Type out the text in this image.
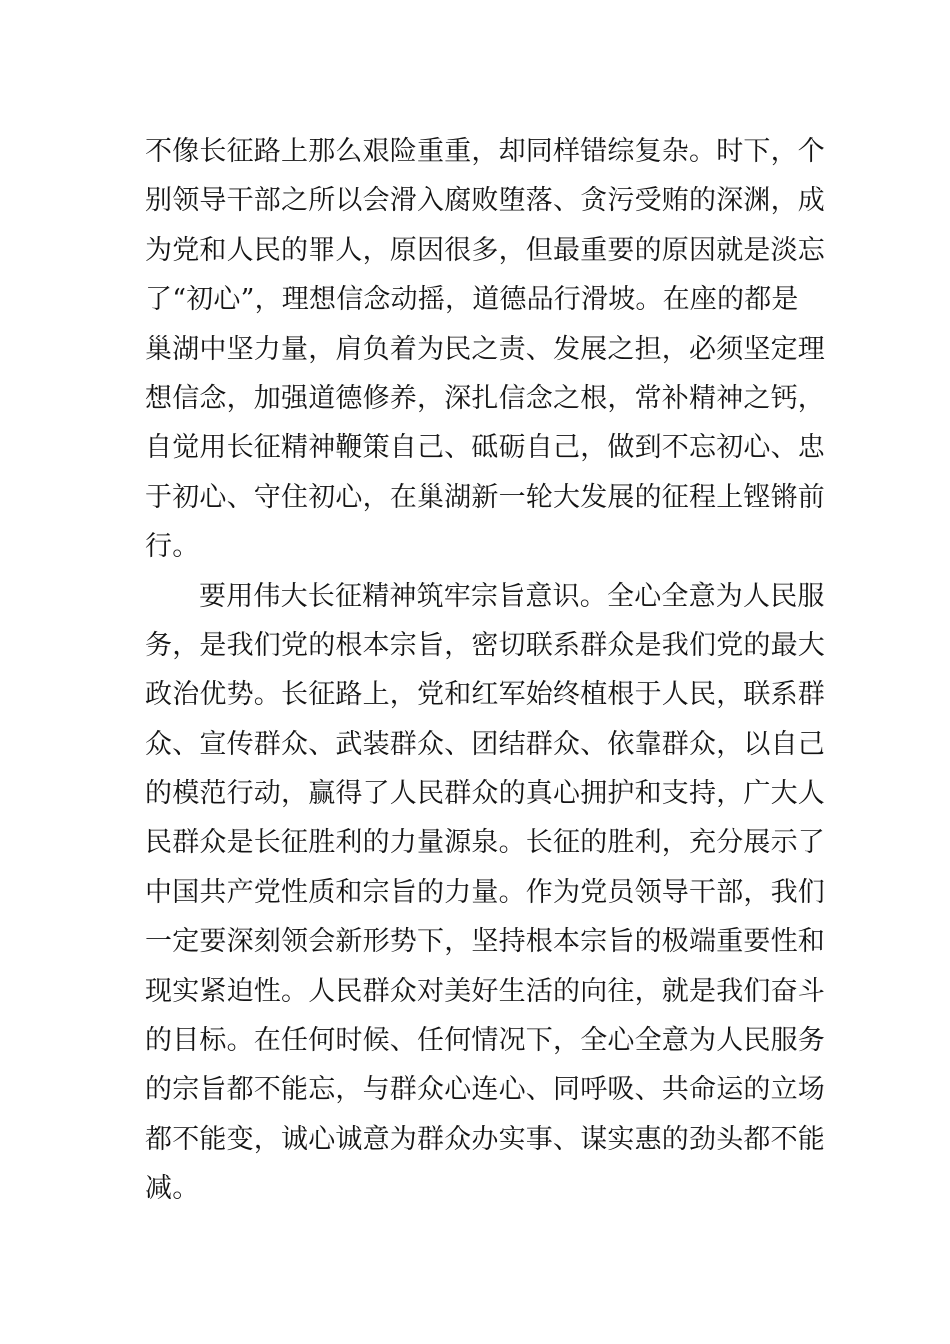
不像长征路上那么艰险重重，却同样错综复杂。时下，个
别领导干部之所以会滑入腐败堕落、贪污受贿的深渊，成
为党和人民的罪人，原因很多，但最重要的原因就是淡忘
了“初心”，理想信念动摇，道德品行滑坡。在座的都是
巢湖中坚力量，肩负着为民之责、发展之担，必须坚定理
想信念，加强道德修养，深扎信念之根，常补精神之钙，
自觉用长征精神鞭策自己、砥砺自己，做到不忘初心、忠
于初心、守住初心，在巢湖新一轮大发展的征程上铿锵前
行。
要用伟大长征精神筑牢宗旨意识。全心全意为人民服
务，是我们党的根本宗旨，密切联系群众是我们党的最大
政治优势。长征路上，党和红军始终植根于人民，联系群
众、宣传群众、武装群众、团结群众、依靠群众，以自己
的模范行动，赢得了人民群众的真心拥护和支持，广大人
民群众是长征胜利的力量源泉。长征的胜利，充分展示了
中国共产党性质和宗旨的力量。作为党员领导干部，我们
一定要深刻领会新形势下，坚持根本宗旨的极端重要性和
现实紧迫性。人民群众对美好生活的向往，就是我们奋斗
的目标。在任何时候、任何情况下，全心全意为人民服务
的宗旨都不能忘，与群众心连心、同呼吸、共命运的立场
都不能变，诚心诚意为群众办实事、谋实惠的劲头都不能
减。
